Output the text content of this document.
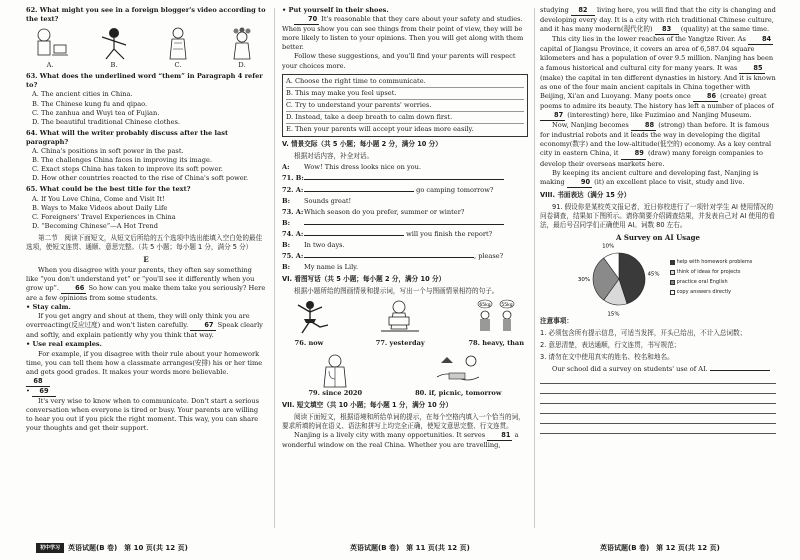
62. What might you see in a foreign blogger's video according to the text?

A.	B.	C.	D.

63. What does the underlined word “them” in Paragraph 4 refer to?

A. The ancient cities in China.

B. The Chinese kung fu and qipao.

C. The zanhua and Wuyi tea of Fujian.

D. The beautiful traditional Chinese clothes.

64. What will the writer probably discuss after the last paragraph?

A. China's positions in soft power in the past.

B. The challenges China faces in improving its image.

C. Exact steps China has taken to improve its soft power.

D. How other countries reacted to the rise of China's soft power.

65. What could be the best title for the text?

A. If You Love China, Come and Visit It!

B. Ways to Make Videos about Daily Life

C. Foreigners' Travel Experiences in China

D. “Becoming Chinese”—A Hot Trend

第二节　阅读下面短文，从短文后所给的五个选项中选出能填入空白处的最佳选项，使短文连贯、通顺、意思完整。（共 5 小题；每小题 1 分，满分 5 分）

E

When you disagree with your parents, they often say something like “you don't understand yet” or “you'll see it differently when you grow up”. 66 So how can you make them take you seriously? Here are a few opinions from some students.

• Stay calm.

If you get angry and shout at them, they will only think you are overreacting(反应过度) and won't listen carefully. 67 Speak clearly and softly, and explain patiently why you think that way.

• Use real examples.

For example, if you disagree with their rule about your homework time, you can tell them how a classmate arranges(安排) his or her time and gets good grades. It makes your words more believable.

68

• 69

It's very wise to know when to communicate. Don't start a serious conversation when everyone is tired or busy. Your parents are willing to hear you out if you pick the right moment. This way, you can share your thoughts and get their support.

初中学习 英语试题(B 卷)　第 10 页(共 12 页)

• Put yourself in their shoes.

70 It's reasonable that they care about your safety and studies. When you show you can see things from their point of view, they will be more likely to listen to your opinions. Then you will get along with them better.

Follow these suggestions, and you'll find your parents will respect your choices more.

A. Choose the right time to communicate.

B. This may make you feel upset.

C. Try to understand your parents' worries.

D. Instead, take a deep breath to calm down first.

E. Then your parents will accept your ideas more easily.

V. 情景交际（共 5 小题；每小题 2 分，满分 10 分）

根据对话内容，补全对话。

A:	Wow! This dress looks nice on you.
71. B:
72. A:	go camping tomorrow?
B:	Sounds great!
73. A: Which season do you prefer, summer or winter?
B:
74. A:	will you finish the report?
B:	In two days.
75. A:	, please?
B:	My name is Lily.

VI. 看图写话（共 5 小题；每小题 2 分，满分 10 分）

根据小题所给的图画情景和提示词，写出一个与图画情景相符的句子。

76. now	77. yesterday
65kg 55kg
78. heavy, than
79. since 2020	80. if, picnic, tomorrow

VII. 短文填空（共 10 小题；每小题 1 分，满分 10 分）

阅读下面短文，根据语境和所给单词的提示，在每个空格内填入一个恰当的词，要求所填的词在语义、语法和拼写上均完全正确，使短文意思完整、行文连贯。

Nanjing is a lively city with many opportunities. It serves 81 a wonderful window on the real China. Whether you are travelling,

英语试题(B 卷)　第 11 页(共 12 页)

studying 82 living here, you will find that the city is changing and developing every day. It is a city with rich traditional Chinese culture, and it has many modern(现代化的) 83 (quality) at the same time.

This city lies in the lower reaches of the Yangtze River. As 84 capital of Jiangsu Province, it covers an area of 6,587.04 square kilometers and has a population of over 9.5 million. Nanjing has been a famous historical and cultural city for many years. It was 85 (make) the capital in ten different dynasties in history. And it is known as one of the four main ancient capitals in China together with Beijing, Xi'an and Luoyang. Many poets once 86 (create) great poems to admire its beauty. The history has left a number of places of 87 (interesting) here, like Fuzimiao and Nanjing Museum.

Now, Nanjing becomes 88 (strong) than before. It is famous for industrial robots and it leads the way in developing the digital economy(数字) and the low-altitude(低空的) economy. As a key central city in eastern China, it 89 (draw) many foreign companies to develop their overseas markets here.

By keeping its ancient culture and developing fast, Nanjing is making 90 (it) an excellent place to visit, study and live.

VIII. 书面表达（满分 15 分）

91. 假设你是某校英文报记者，近日你校进行了一项针对学生 AI 使用情况的问卷调查，结果如下图所示。请你简要介绍调查结果，并发表自己对 AI 使用的看法，最后号召同学们正确使用 AI。词数 80 左右。

A Survey on AI Usage

45%
15%
30%
10%
help with homework problems
think of ideas for projects
practice oral English
copy answers directly

注意事项：

1. 必须包含所有提示信息，可适当发挥，开头已给出，不计入总词数；

2. 意思清楚，表达通顺，行文连贯，书写规范；

3. 请勿在文中使用真实的姓名、校名和地名。

Our school did a survey on students' use of AI.

英语试题(B 卷)　第 12 页(共 12 页)
